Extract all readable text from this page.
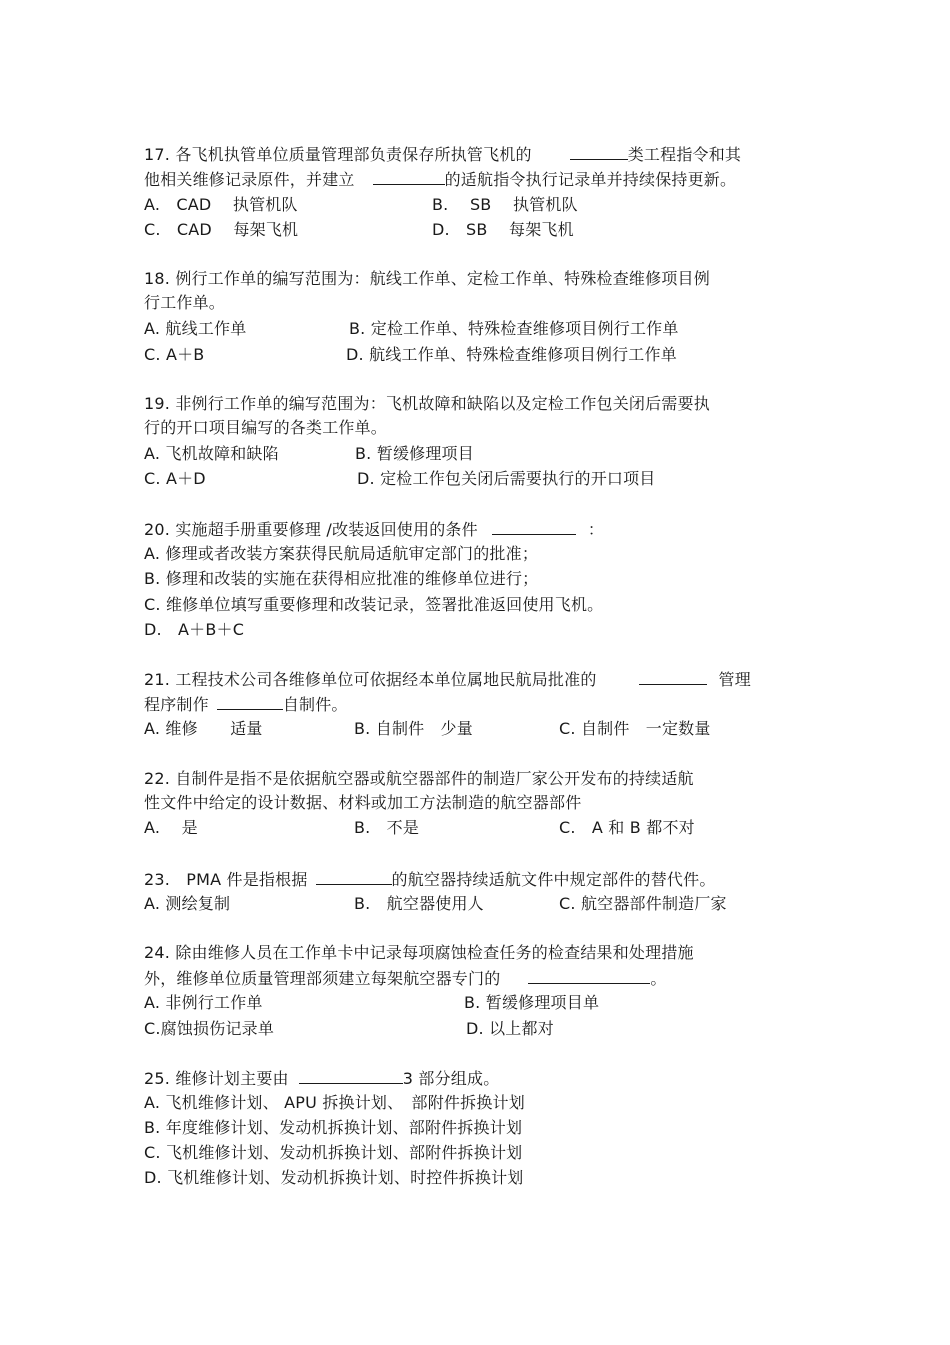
17. 各飞机执管单位质量管理部负责保存所执管飞机的	类工程指令和其
他相关维修记录原件，并建立	的适航指令执行记录单并持续保持更新。
A.　CAD　 执管机队	B.　 SB　 执管机队
C.　CAD　 每架飞机	D.　SB　 每架飞机
18. 例行工作单的编写范围为：航线工作单、定检工作单、特殊检查维修项目例
行工作单。
A. 航线工作单	B. 定检工作单、特殊检查维修项目例行工作单
C. A＋B	D. 航线工作单、特殊检查维修项目例行工作单
19. 非例行工作单的编写范围为：飞机故障和缺陷以及定检工作包关闭后需要执
行的开口项目编写的各类工作单。
A. 飞机故障和缺陷	B. 暂缓修理项目
C. A＋D	D. 定检工作包关闭后需要执行的开口项目
20. 实施超手册重要修理 /改装返回使用的条件	：
A. 修理或者改装方案获得民航局适航审定部门的批准；
B. 修理和改装的实施在获得相应批准的维修单位进行；
C. 维修单位填写重要修理和改装记录，签署批准返回使用飞机。
D.　A＋B＋C
21. 工程技术公司各维修单位可依据经本单位属地民航局批准的	管理
程序制作	自制件。
A. 维修　　适量	B. 自制件　少量	C. 自制件　一定数量
22. 自制件是指不是依据航空器或航空器部件的制造厂家公开发布的持续适航
性文件中给定的设计数据、材料或加工方法制造的航空器部件
A.　 是	B.　不是	C.　A 和 B 都不对
23.　PMA 件是指根据	的航空器持续适航文件中规定部件的替代件。
A. 测绘复制	B.　航空器使用人	C. 航空器部件制造厂家
24. 除由维修人员在工作单卡中记录每项腐蚀检查任务的检查结果和处理措施
外，维修单位质量管理部须建立每架航空器专门的	。
A. 非例行工作单	B. 暂缓修理项目单
C.腐蚀损伤记录单	D. 以上都对
25. 维修计划主要由	3 部分组成。
A. 飞机维修计划、 APU 拆换计划、　部附件拆换计划
B. 年度维修计划、发动机拆换计划、部附件拆换计划
C. 飞机维修计划、发动机拆换计划、部附件拆换计划
D. 飞机维修计划、发动机拆换计划、时控件拆换计划
